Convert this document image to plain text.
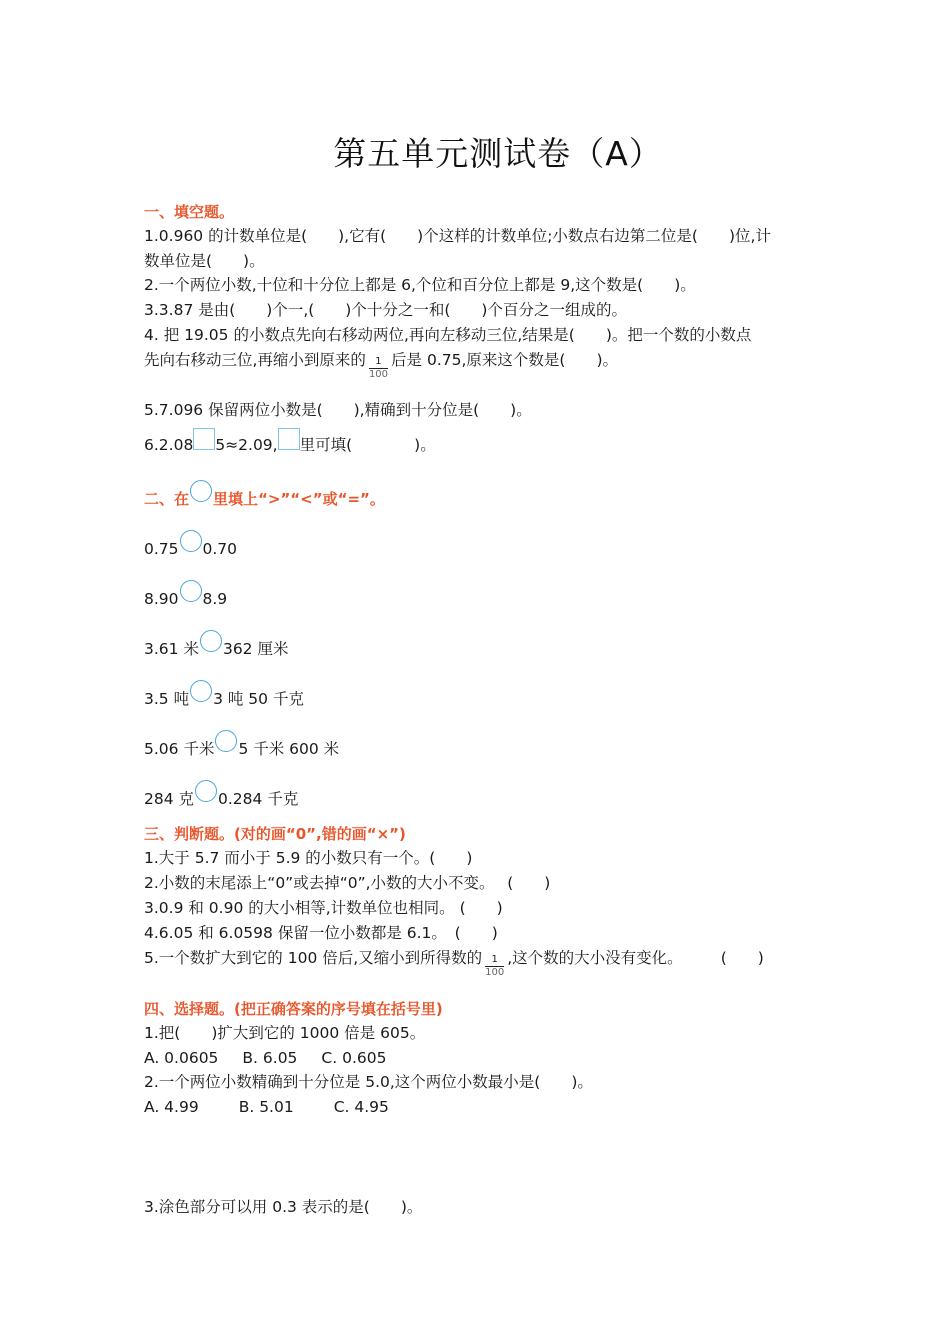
第五单元测试卷（A）
一、填空题。
1.0.960 的计数单位是(　　),它有(　　)个这样的计数单位;小数点右边第二位是(　　)位,计
数单位是(　　)。
2.一个两位小数,十位和十分位上都是 6,个位和百分位上都是 9,这个数是(　　)。
3.3.87 是由(　　)个一,(　　)个十分之一和(　　)个百分之一组成的。
4. 把 19.05 的小数点先向右移动两位,再向左移动三位,结果是(　　)。把一个数的小数点
先向右移动三位,再缩小到原来的 $\frac{1}{100}$ 后是 0.75,原来这个数是(　　)。
5.7.096 保留两位小数是(　　),精确到十分位是(　　)。
6.2.08 5≈2.09, 里可填(　　　　)。
二、在 里填上“>”“<”或“=”。
0.75 0.70
8.90 8.9
3.61 米 362 厘米
3.5 吨 3 吨 50 千克
5.06 千米 5 千米 600 米
284 克 0.284 千克
三、判断题。(对的画“0”,错的画“×”)
1.大于 5.7 而小于 5.9 的小数只有一个。(　　)
2.小数的末尾添上“0”或去掉“0”,小数的大小不变。　 (　　)
3.0.9 和 0.90 的大小相等,计数单位也相同。 (　　)
4.6.05 和 6.0598 保留一位小数都是 6.1。　(　　)
5.一个数扩大到它的 100 倍后,又缩小到所得数的 $\frac{1}{100}$ ,这个数的大小没有变化。 (　　)
四、选择题。(把正确答案的序号填在括号里)
1.把(　　)扩大到它的 1000 倍是 605。
A. 0.0605 B. 6.05 C. 0.605
2.一个两位小数精确到十分位是 5.0,这个两位小数最小是(　　)。
A. 4.99	B. 5.01	C. 4.95
3.涂色部分可以用 0.3 表示的是(　　)。
